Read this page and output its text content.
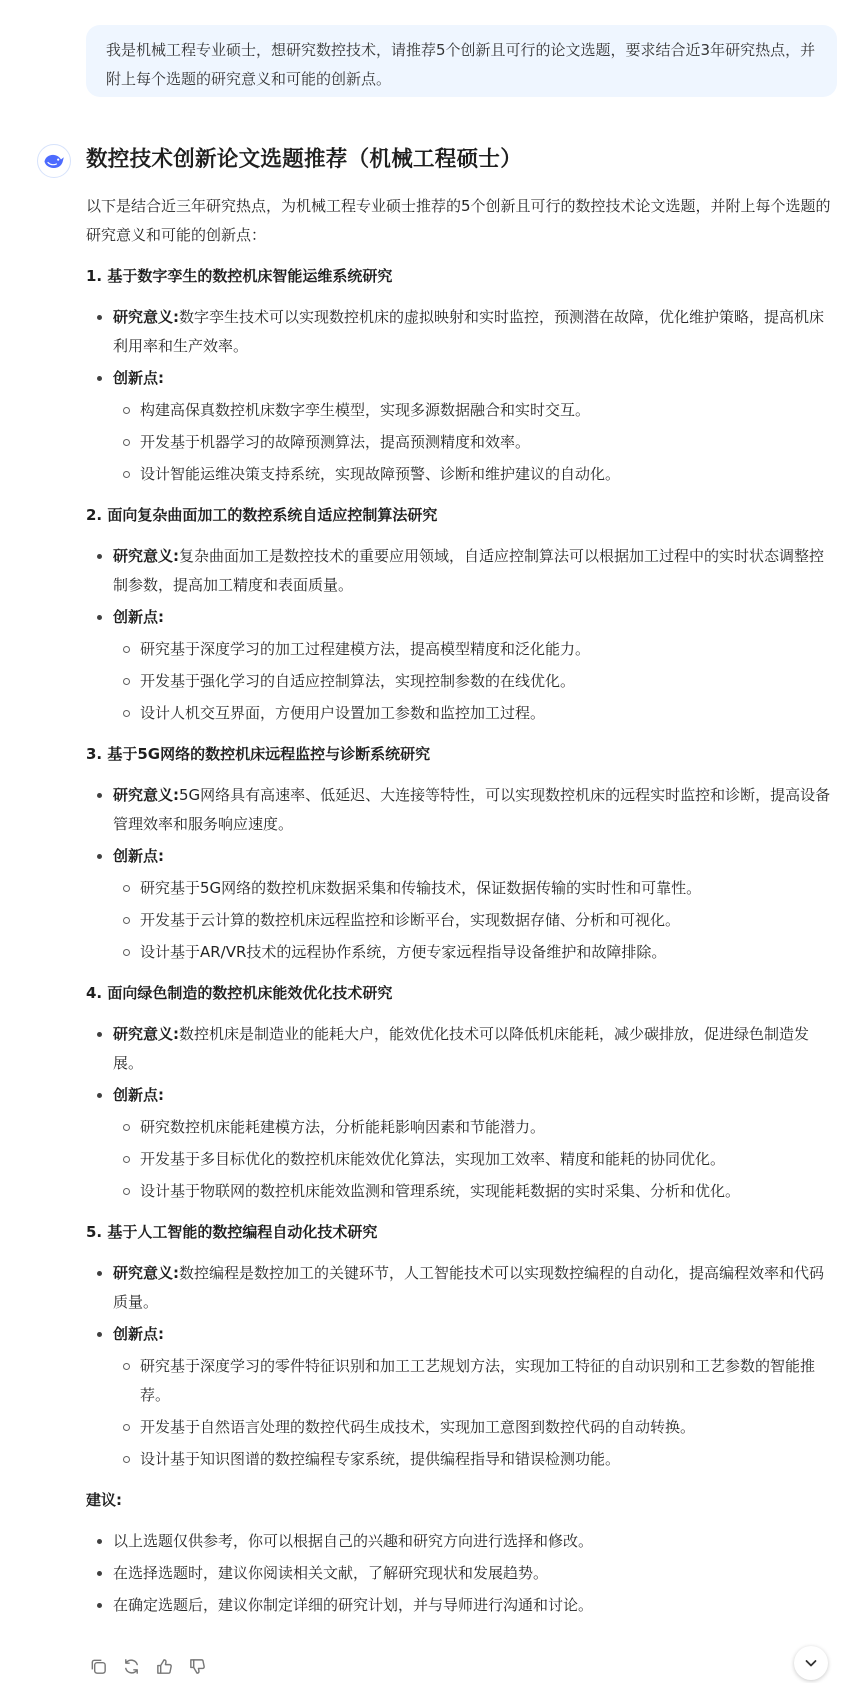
我是机械工程专业硕士，想研究数控技术，请推荐5个创新且可行的论文选题，要求结合近3年研究热点，并附上每个选题的研究意义和可能的创新点。
数控技术创新论文选题推荐（机械工程硕士）

以下是结合近三年研究热点，为机械工程专业硕士推荐的5个创新且可行的数控技术论文选题，并附上每个选题的研究意义和可能的创新点：

1. 基于数字孪生的数控机床智能运维系统研究
研究意义:数字孪生技术可以实现数控机床的虚拟映射和实时监控，预测潜在故障，优化维护策略，提高机床利用率和生产效率。
创新点:
构建高保真数控机床数字孪生模型，实现多源数据融合和实时交互。
开发基于机器学习的故障预测算法，提高预测精度和效率。
设计智能运维决策支持系统，实现故障预警、诊断和维护建议的自动化。
2. 面向复杂曲面加工的数控系统自适应控制算法研究
研究意义:复杂曲面加工是数控技术的重要应用领域，自适应控制算法可以根据加工过程中的实时状态调整控制参数，提高加工精度和表面质量。
创新点:
研究基于深度学习的加工过程建模方法，提高模型精度和泛化能力。
开发基于强化学习的自适应控制算法，实现控制参数的在线优化。
设计人机交互界面，方便用户设置加工参数和监控加工过程。
3. 基于5G网络的数控机床远程监控与诊断系统研究
研究意义:5G网络具有高速率、低延迟、大连接等特性，可以实现数控机床的远程实时监控和诊断，提高设备管理效率和服务响应速度。
创新点:
研究基于5G网络的数控机床数据采集和传输技术，保证数据传输的实时性和可靠性。
开发基于云计算的数控机床远程监控和诊断平台，实现数据存储、分析和可视化。
设计基于AR/VR技术的远程协作系统，方便专家远程指导设备维护和故障排除。
4. 面向绿色制造的数控机床能效优化技术研究
研究意义:数控机床是制造业的能耗大户，能效优化技术可以降低机床能耗，减少碳排放，促进绿色制造发展。
创新点:
研究数控机床能耗建模方法，分析能耗影响因素和节能潜力。
开发基于多目标优化的数控机床能效优化算法，实现加工效率、精度和能耗的协同优化。
设计基于物联网的数控机床能效监测和管理系统，实现能耗数据的实时采集、分析和优化。
5. 基于人工智能的数控编程自动化技术研究
研究意义:数控编程是数控加工的关键环节，人工智能技术可以实现数控编程的自动化，提高编程效率和代码质量。
创新点:
研究基于深度学习的零件特征识别和加工工艺规划方法，实现加工特征的自动识别和工艺参数的智能推荐。
开发基于自然语言处理的数控代码生成技术，实现加工意图到数控代码的自动转换。
设计基于知识图谱的数控编程专家系统，提供编程指导和错误检测功能。
建议:
以上选题仅供参考，你可以根据自己的兴趣和研究方向进行选择和修改。
在选择选题时，建议你阅读相关文献，了解研究现状和发展趋势。
在确定选题后，建议你制定详细的研究计划，并与导师进行沟通和讨论。
